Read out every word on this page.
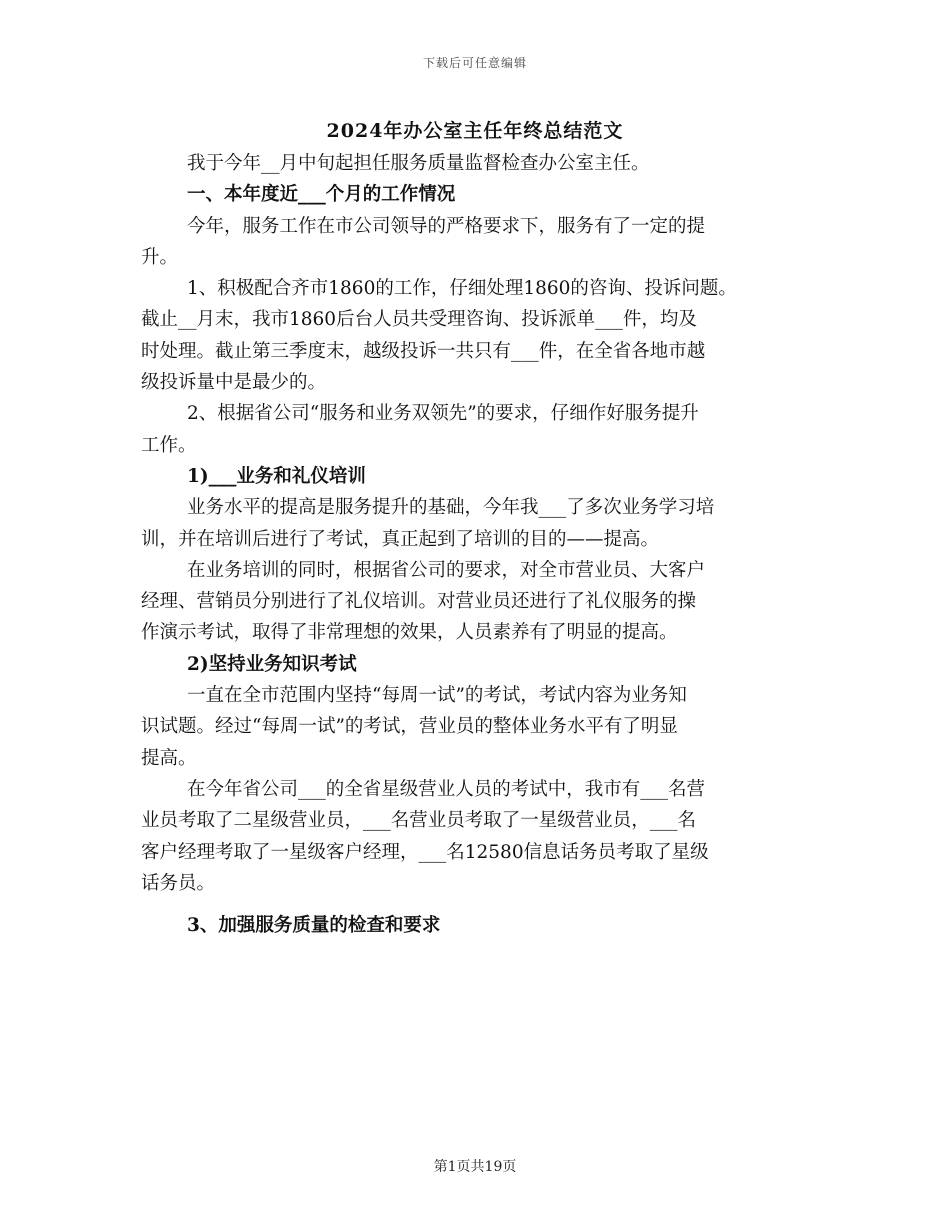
下载后可任意编辑
2024年办公室主任年终总结范文
我于今年__月中旬起担任服务质量监督检查办公室主任。
一、本年度近___个月的工作情况
今年，服务工作在市公司领导的严格要求下，服务有了一定的提
升。
1、积极配合齐市1860的工作，仔细处理1860的咨询、投诉问题。
截止__月末，我市1860后台人员共受理咨询、投诉派单___件，均及
时处理。截止第三季度末，越级投诉一共只有___件，在全省各地市越
级投诉量中是最少的。
2、根据省公司“服务和业务双领先”的要求，仔细作好服务提升
工作。
1)___业务和礼仪培训
业务水平的提高是服务提升的基础，今年我___了多次业务学习培
训，并在培训后进行了考试，真正起到了培训的目的——提高。
在业务培训的同时，根据省公司的要求，对全市营业员、大客户
经理、营销员分别进行了礼仪培训。对营业员还进行了礼仪服务的操
作演示考试，取得了非常理想的效果，人员素养有了明显的提高。
2)坚持业务知识考试
一直在全市范围内坚持“每周一试”的考试，考试内容为业务知
识试题。经过“每周一试”的考试，营业员的整体业务水平有了明显
提高。
在今年省公司___的全省星级营业人员的考试中，我市有___名营
业员考取了二星级营业员，___名营业员考取了一星级营业员，___名
客户经理考取了一星级客户经理，___名12580信息话务员考取了星级
话务员。
3、加强服务质量的检查和要求
第1页共19页
